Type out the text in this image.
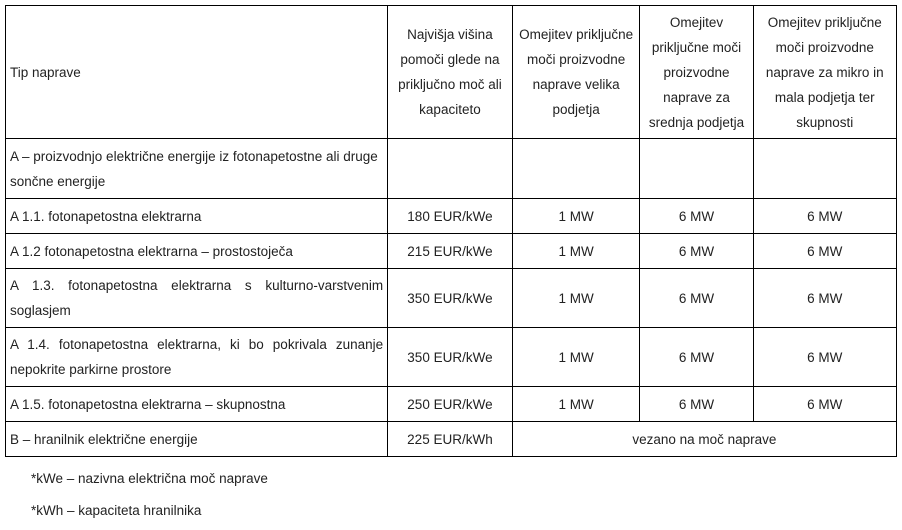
Tip naprave	Najvišja višina pomoči glede na priključno moč ali kapaciteto	Omejitev priključne moči proizvodne naprave velika podjetja	Omejitev priključne moči proizvodne naprave za srednja podjetja	Omejitev priključne moči proizvodne naprave za mikro in mala podjetja ter skupnosti
A – proizvodnjo električne energije iz fotonapetostne ali druge sončne energije				
A 1.1. fotonapetostna elektrarna	180 EUR/kWe	1 MW	6 MW	6 MW
A 1.2 fotonapetostna elektrarna – prostostoječa	215 EUR/kWe	1 MW	6 MW	6 MW
A 1.3. fotonapetostna elektrarna s kulturno-varstvenim soglasjem	350 EUR/kWe	1 MW	6 MW	6 MW
A 1.4. fotonapetostna elektrarna, ki bo pokrivala zunanje nepokrite parkirne prostore	350 EUR/kWe	1 MW	6 MW	6 MW
A 1.5. fotonapetostna elektrarna – skupnostna	250 EUR/kWe	1 MW	6 MW	6 MW
B – hranilnik električne energije	225 EUR/kWh	vezano na moč naprave		
*kWe – nazivna električna moč naprave
*kWh – kapaciteta hranilnika
